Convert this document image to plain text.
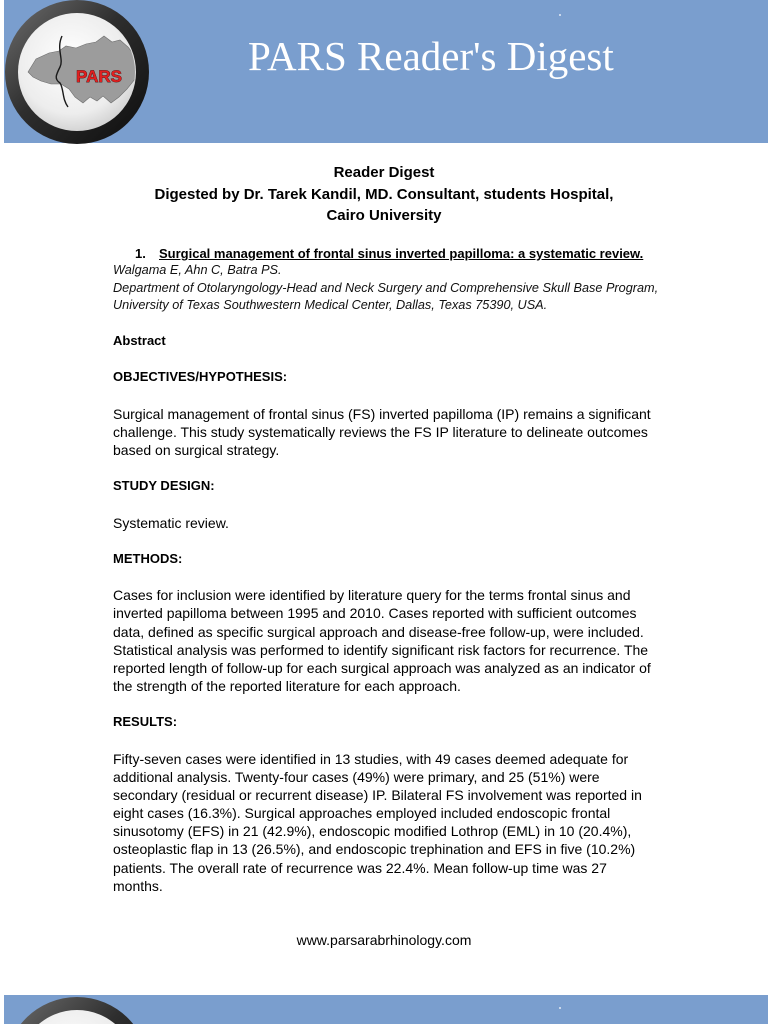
PARS Reader's Digest
PARS
Reader Digest
Digested by Dr. Tarek Kandil, MD. Consultant, students Hospital,
Cairo University
1. Surgical management of frontal sinus inverted papilloma: a systematic review.
Walgama E, Ahn C, Batra PS.
Department of Otolaryngology-Head and Neck Surgery and Comprehensive Skull Base Program,
University of Texas Southwestern Medical Center, Dallas, Texas 75390, USA.
Abstract
OBJECTIVES/HYPOTHESIS:
Surgical management of frontal sinus (FS) inverted papilloma (IP) remains a significant
challenge. This study systematically reviews the FS IP literature to delineate outcomes
based on surgical strategy.
STUDY DESIGN:
Systematic review.
METHODS:
Cases for inclusion were identified by literature query for the terms frontal sinus and
inverted papilloma between 1995 and 2010. Cases reported with sufficient outcomes
data, defined as specific surgical approach and disease-free follow-up, were included.
Statistical analysis was performed to identify significant risk factors for recurrence. The
reported length of follow-up for each surgical approach was analyzed as an indicator of
the strength of the reported literature for each approach.
RESULTS:
Fifty-seven cases were identified in 13 studies, with 49 cases deemed adequate for
additional analysis. Twenty-four cases (49%) were primary, and 25 (51%) were
secondary (residual or recurrent disease) IP. Bilateral FS involvement was reported in
eight cases (16.3%). Surgical approaches employed included endoscopic frontal
sinusotomy (EFS) in 21 (42.9%), endoscopic modified Lothrop (EML) in 10 (20.4%),
osteoplastic flap in 13 (26.5%), and endoscopic trephination and EFS in five (10.2%)
patients. The overall rate of recurrence was 22.4%. Mean follow-up time was 27
months.
www.parsarabrhinology.com
